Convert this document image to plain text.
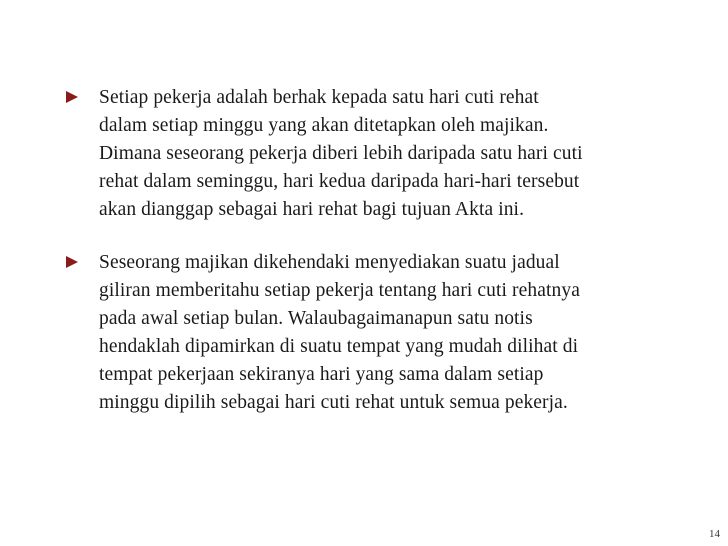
Setiap pekerja adalah berhak kepada satu hari cuti rehat
dalam setiap minggu yang akan ditetapkan oleh majikan.
Dimana seseorang pekerja diberi lebih daripada satu hari cuti
rehat dalam seminggu, hari kedua daripada hari-hari tersebut
akan dianggap sebagai hari rehat bagi tujuan Akta ini.

Seseorang majikan dikehendaki menyediakan suatu jadual
giliran memberitahu setiap pekerja tentang hari cuti rehatnya
pada awal setiap bulan. Walaubagaimanapun satu notis
hendaklah dipamirkan di suatu tempat yang mudah dilihat di
tempat pekerjaan sekiranya hari yang sama dalam setiap
minggu dipilih sebagai hari cuti rehat untuk semua pekerja.

14
